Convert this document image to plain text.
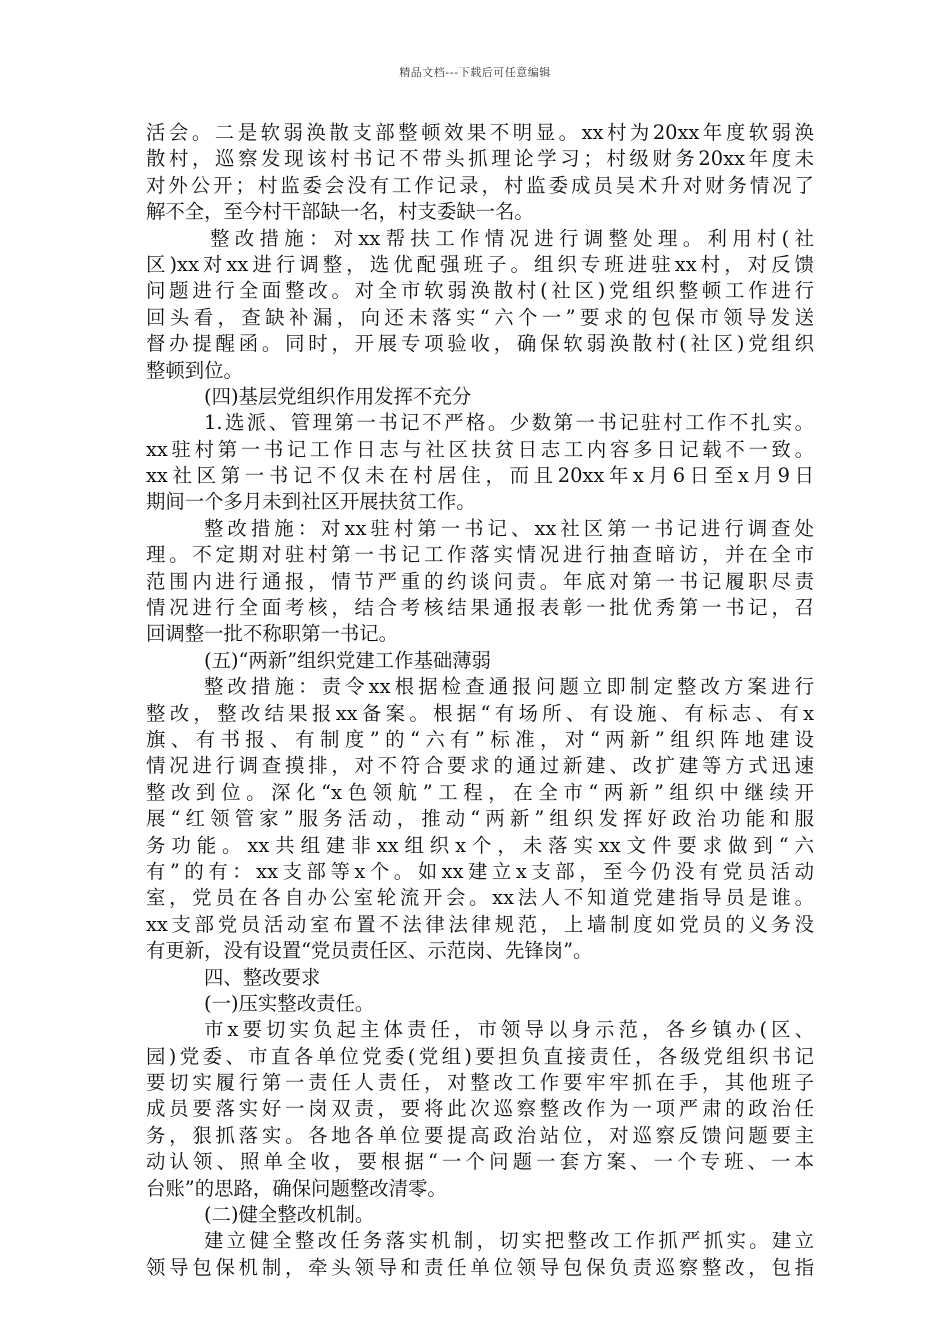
精品文档---下载后可任意编辑
活会。二是软弱涣散支部整顿效果不明显。xx村为20xx年度软弱涣
散村，巡察发现该村书记不带头抓理论学习；村级财务20xx年度未
对外公开；村监委会没有工作记录，村监委成员吴术升对财务情况了
解不全，至今村干部缺一名，村支委缺一名。
整改措施：对xx帮扶工作情况进行调整处理。利用村(社
区)xx对xx进行调整，选优配强班子。组织专班进驻xx村，对反馈
问题进行全面整改。对全市软弱涣散村(社区)党组织整顿工作进行
回头看，查缺补漏，向还未落实“六个一”要求的包保市领导发送
督办提醒函。同时，开展专项验收，确保软弱涣散村(社区)党组织
整顿到位。
(四)基层党组织作用发挥不充分
1.选派、管理第一书记不严格。少数第一书记驻村工作不扎实。
xx驻村第一书记工作日志与社区扶贫日志工内容多日记载不一致。
xx社区第一书记不仅未在村居住，而且20xx年x月6日至x月9日
期间一个多月未到社区开展扶贫工作。
整改措施：对xx驻村第一书记、xx社区第一书记进行调查处
理。不定期对驻村第一书记工作落实情况进行抽查暗访，并在全市
范围内进行通报，情节严重的约谈问责。年底对第一书记履职尽责
情况进行全面考核，结合考核结果通报表彰一批优秀第一书记，召
回调整一批不称职第一书记。
(五)“两新”组织党建工作基础薄弱
整改措施：责令xx根据检查通报问题立即制定整改方案进行
整改，整改结果报xx备案。根据“有场所、有设施、有标志、有x
旗、有书报、有制度”的“六有”标准，对“两新”组织阵地建设
情况进行调查摸排，对不符合要求的通过新建、改扩建等方式迅速
整改到位。深化“x色领航”工程，在全市“两新”组织中继续开
展“红领管家”服务活动，推动“两新”组织发挥好政治功能和服
务功能。xx共组建非xx组织x个，未落实xx文件要求做到“六
有”的有：xx支部等x个。如xx建立x支部，至今仍没有党员活动
室，党员在各自办公室轮流开会。xx法人不知道党建指导员是谁。
xx支部党员活动室布置不法律法律规范，上墙制度如党员的义务没
有更新，没有设置“党员责任区、示范岗、先锋岗”。
四、整改要求
(一)压实整改责任。
市x要切实负起主体责任，市领导以身示范，各乡镇办(区、
园)党委、市直各单位党委(党组)要担负直接责任，各级党组织书记
要切实履行第一责任人责任，对整改工作要牢牢抓在手，其他班子
成员要落实好一岗双责，要将此次巡察整改作为一项严肃的政治任
务，狠抓落实。各地各单位要提高政治站位，对巡察反馈问题要主
动认领、照单全收，要根据“一个问题一套方案、一个专班、一本
台账”的思路，确保问题整改清零。
(二)健全整改机制。
建立健全整改任务落实机制，切实把整改工作抓严抓实。建立
领导包保机制，牵头领导和责任单位领导包保负责巡察整改，包指
